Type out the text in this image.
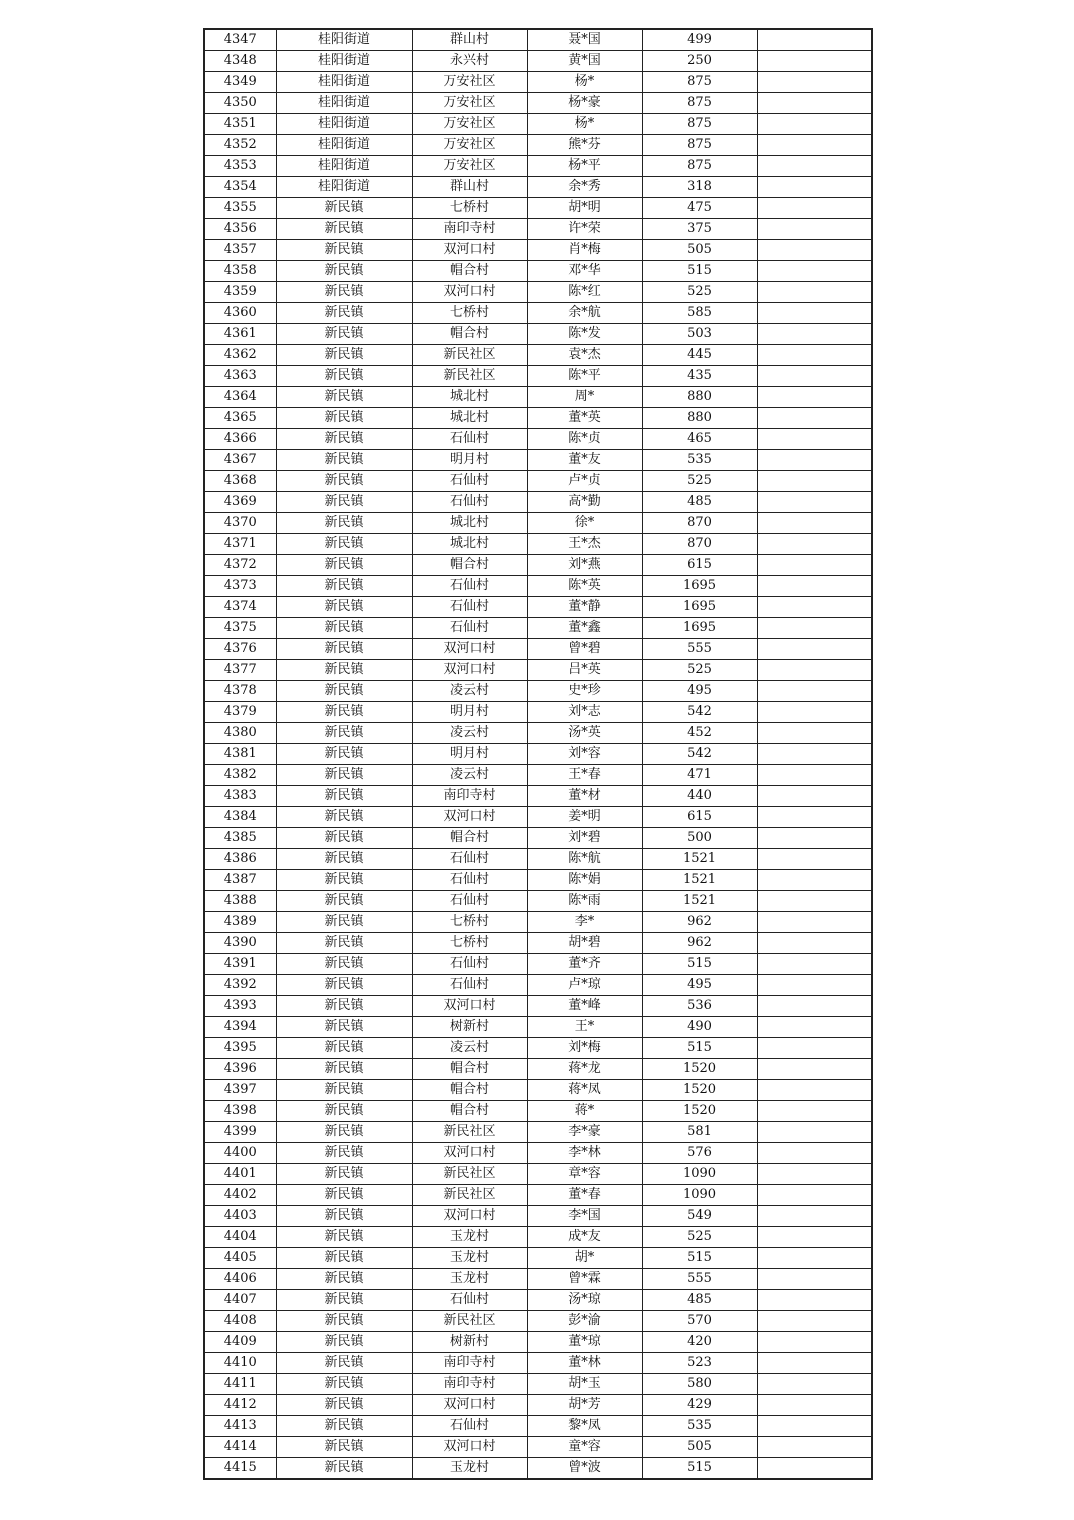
4347	桂阳街道	群山村	聂*国	499	
4348	桂阳街道	永兴村	黄*国	250	
4349	桂阳街道	万安社区	杨*	875	
4350	桂阳街道	万安社区	杨*豪	875	
4351	桂阳街道	万安社区	杨*	875	
4352	桂阳街道	万安社区	熊*芬	875	
4353	桂阳街道	万安社区	杨*平	875	
4354	桂阳街道	群山村	余*秀	318	
4355	新民镇	七桥村	胡*明	475	
4356	新民镇	南印寺村	许*荣	375	
4357	新民镇	双河口村	肖*梅	505	
4358	新民镇	帽合村	邓*华	515	
4359	新民镇	双河口村	陈*红	525	
4360	新民镇	七桥村	余*航	585	
4361	新民镇	帽合村	陈*发	503	
4362	新民镇	新民社区	袁*杰	445	
4363	新民镇	新民社区	陈*平	435	
4364	新民镇	城北村	周*	880	
4365	新民镇	城北村	董*英	880	
4366	新民镇	石仙村	陈*贞	465	
4367	新民镇	明月村	董*友	535	
4368	新民镇	石仙村	卢*贞	525	
4369	新民镇	石仙村	高*勤	485	
4370	新民镇	城北村	徐*	870	
4371	新民镇	城北村	王*杰	870	
4372	新民镇	帽合村	刘*燕	615	
4373	新民镇	石仙村	陈*英	1695	
4374	新民镇	石仙村	董*静	1695	
4375	新民镇	石仙村	董*鑫	1695	
4376	新民镇	双河口村	曾*碧	555	
4377	新民镇	双河口村	吕*英	525	
4378	新民镇	凌云村	史*珍	495	
4379	新民镇	明月村	刘*志	542	
4380	新民镇	凌云村	汤*英	452	
4381	新民镇	明月村	刘*容	542	
4382	新民镇	凌云村	王*春	471	
4383	新民镇	南印寺村	董*材	440	
4384	新民镇	双河口村	姜*明	615	
4385	新民镇	帽合村	刘*碧	500	
4386	新民镇	石仙村	陈*航	1521	
4387	新民镇	石仙村	陈*娟	1521	
4388	新民镇	石仙村	陈*雨	1521	
4389	新民镇	七桥村	李*	962	
4390	新民镇	七桥村	胡*碧	962	
4391	新民镇	石仙村	董*齐	515	
4392	新民镇	石仙村	卢*琼	495	
4393	新民镇	双河口村	董*峰	536	
4394	新民镇	树新村	王*	490	
4395	新民镇	凌云村	刘*梅	515	
4396	新民镇	帽合村	蒋*龙	1520	
4397	新民镇	帽合村	蒋*凤	1520	
4398	新民镇	帽合村	蒋*	1520	
4399	新民镇	新民社区	李*豪	581	
4400	新民镇	双河口村	李*林	576	
4401	新民镇	新民社区	章*容	1090	
4402	新民镇	新民社区	董*春	1090	
4403	新民镇	双河口村	李*国	549	
4404	新民镇	玉龙村	成*友	525	
4405	新民镇	玉龙村	胡*	515	
4406	新民镇	玉龙村	曾*霖	555	
4407	新民镇	石仙村	汤*琼	485	
4408	新民镇	新民社区	彭*渝	570	
4409	新民镇	树新村	董*琼	420	
4410	新民镇	南印寺村	董*林	523	
4411	新民镇	南印寺村	胡*玉	580	
4412	新民镇	双河口村	胡*芳	429	
4413	新民镇	石仙村	黎*凤	535	
4414	新民镇	双河口村	童*容	505	
4415	新民镇	玉龙村	曾*波	515	
